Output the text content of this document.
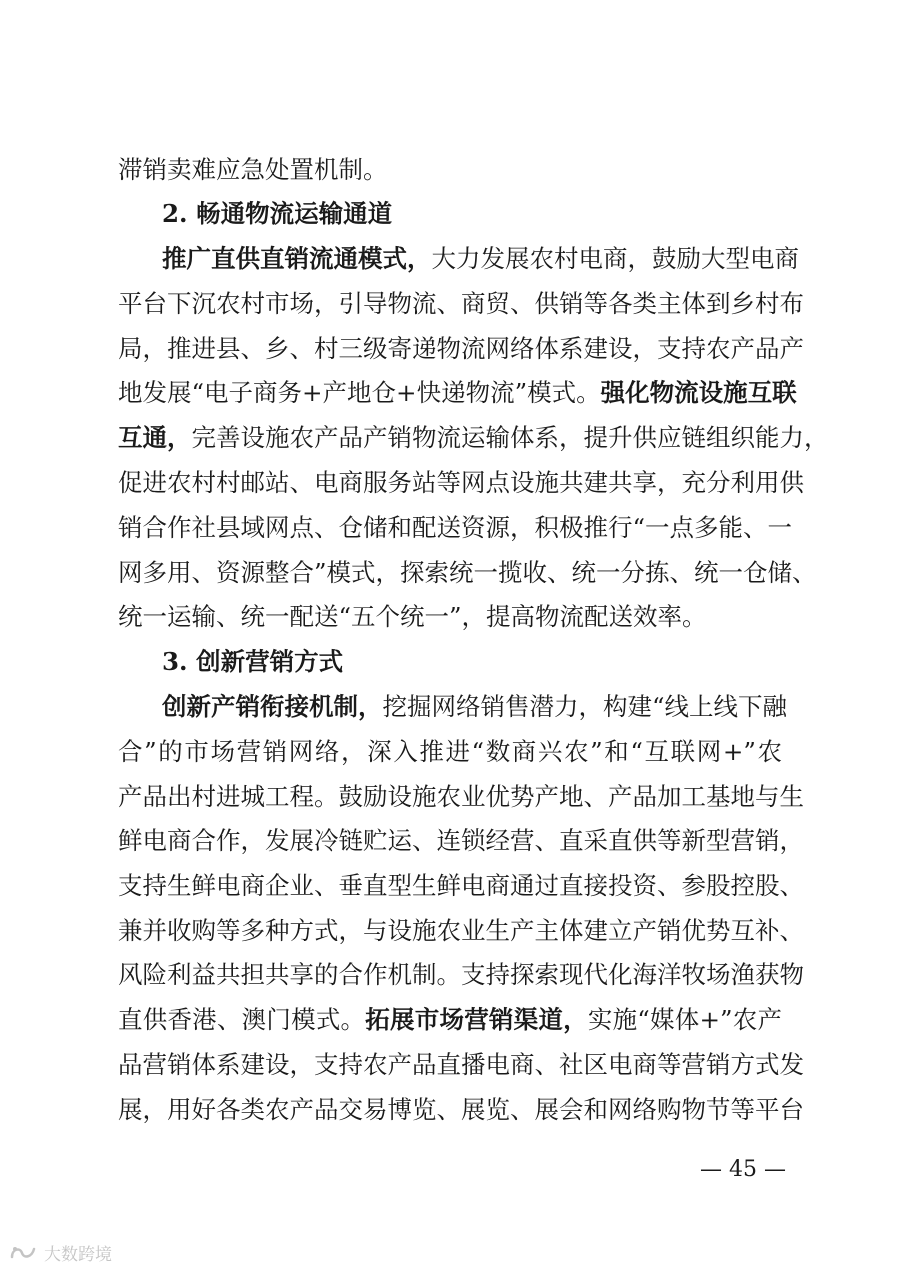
滞销卖难应急处置机制。
2. 畅通物流运输通道
推广直供直销流通模式，大力发展农村电商，鼓励大型电商
平台下沉农村市场，引导物流、商贸、供销等各类主体到乡村布
局，推进县、乡、村三级寄递物流网络体系建设，支持农产品产
地发展“电子商务+产地仓+快递物流”模式。强化物流设施互联
互通，完善设施农产品产销物流运输体系，提升供应链组织能力，
促进农村村邮站、电商服务站等网点设施共建共享，充分利用供
销合作社县域网点、仓储和配送资源，积极推行“一点多能、一
网多用、资源整合”模式，探索统一揽收、统一分拣、统一仓储、
统一运输、统一配送“五个统一”，提高物流配送效率。
3. 创新营销方式
创新产销衔接机制，挖掘网络销售潜力，构建“线上线下融
合”的市场营销网络，深入推进“数商兴农”和“互联网+”农
产品出村进城工程。鼓励设施农业优势产地、产品加工基地与生
鲜电商合作，发展冷链贮运、连锁经营、直采直供等新型营销，
支持生鲜电商企业、垂直型生鲜电商通过直接投资、参股控股、
兼并收购等多种方式，与设施农业生产主体建立产销优势互补、
风险利益共担共享的合作机制。支持探索现代化海洋牧场渔获物
直供香港、澳门模式。拓展市场营销渠道，实施“媒体+”农产
品营销体系建设，支持农产品直播电商、社区电商等营销方式发
展，用好各类农产品交易博览、展览、展会和网络购物节等平台
— 45 —
大数跨境
